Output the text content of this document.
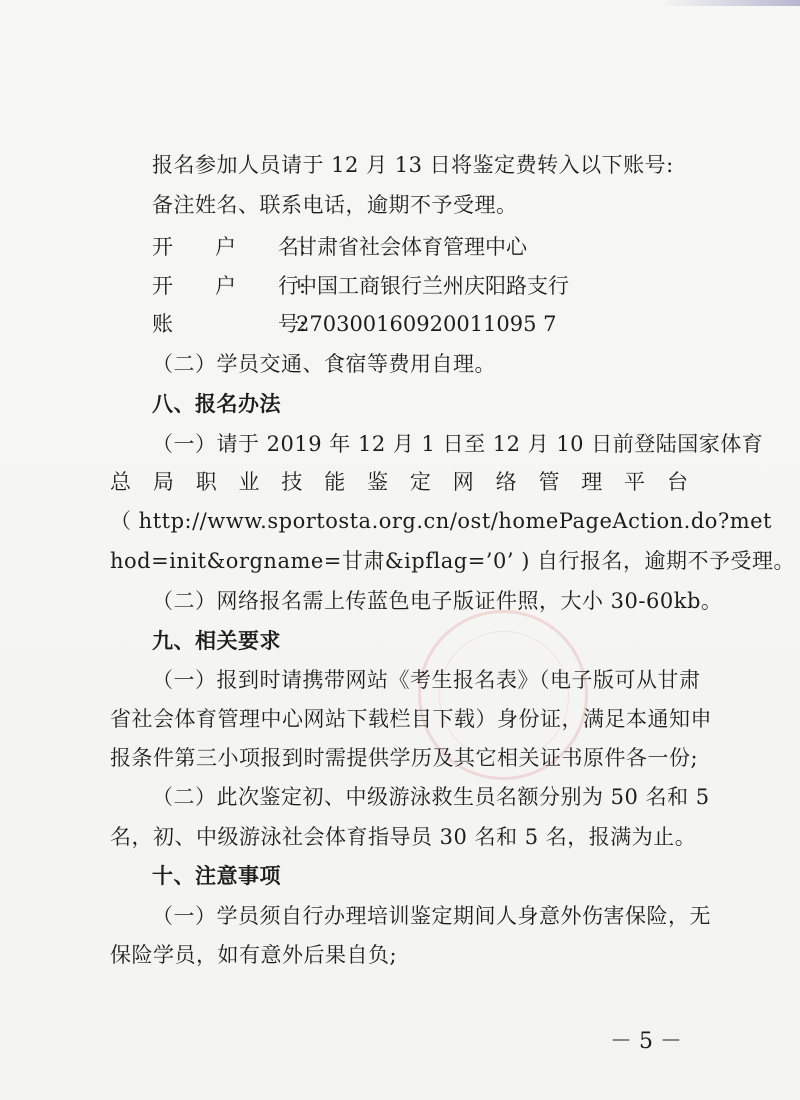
报名参加人员请于 12 月 13 日将鉴定费转入以下账号:
备注姓名、联系电话，逾期不予受理。
开　　户　　名:
甘肃省社会体育管理中心
开　　户　　行:
中国工商银行兰州庆阳路支行
账　　　　　号:
270300160920011095 7
（二）学员交通、食宿等费用自理。
八、报名办法
（一）请于 2019 年 12 月 1 日至 12 月 10 日前登陆国家体育
总 局 职 业 技 能 鉴 定 网 络 管 理 平 台
（ http://www.sportosta.org.cn/ost/homePageAction.do?met
hod=init&orgname=甘肃&ipflag=’0’ ) 自行报名，逾期不予受理。
（二）网络报名需上传蓝色电子版证件照，大小 30-60kb。
九、相关要求
（一）报到时请携带网站《考生报名表》（电子版可从甘肃
省社会体育管理中心网站下载栏目下载）身份证，满足本通知申
报条件第三小项报到时需提供学历及其它相关证书原件各一份;
（二）此次鉴定初、中级游泳救生员名额分别为 50 名和 5
名，初、中级游泳社会体育指导员 30 名和 5 名，报满为止。
十、注意事项
（一）学员须自行办理培训鉴定期间人身意外伤害保险，无
保险学员，如有意外后果自负;
－ 5 －
